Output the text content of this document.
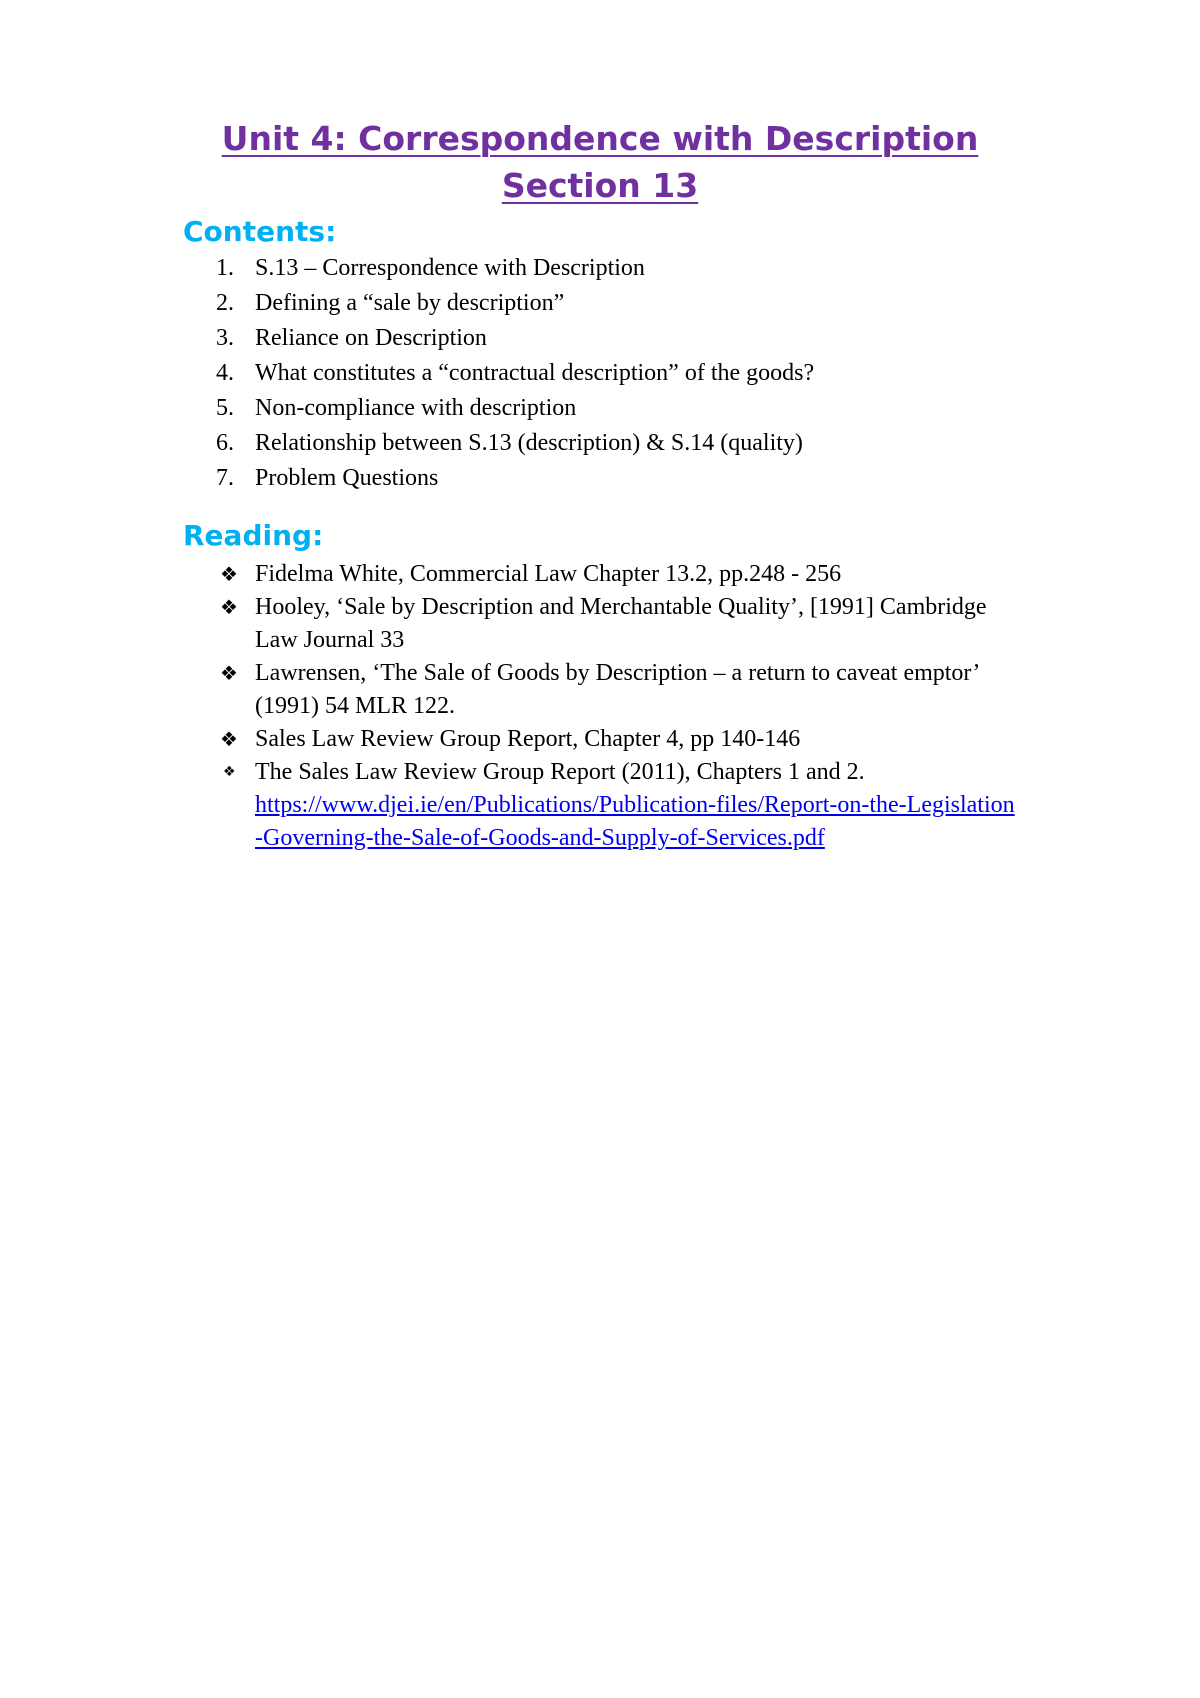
Unit 4: Correspondence with Description
Section 13
Contents:
1. S.13 – Correspondence with Description
2. Defining a “sale by description”
3. Reliance on Description
4. What constitutes a “contractual description” of the goods?
5. Non-compliance with description
6. Relationship between S.13 (description) & S.14 (quality)
7. Problem Questions
Reading:
❖ Fidelma White, Commercial Law Chapter 13.2, pp.248 - 256
❖ Hooley, ‘Sale by Description and Merchantable Quality’, [1991] Cambridge Law Journal 33
❖ Lawrensen, ‘The Sale of Goods by Description – a return to caveat emptor’ (1991) 54 MLR 122.
❖ Sales Law Review Group Report, Chapter 4, pp 140-146
❖ The Sales Law Review Group Report (2011), Chapters 1 and 2.
https://www.djei.ie/en/Publications/Publication-files/Report-on-the-Legislation-Governing-the-Sale-of-Goods-and-Supply-of-Services.pdf
